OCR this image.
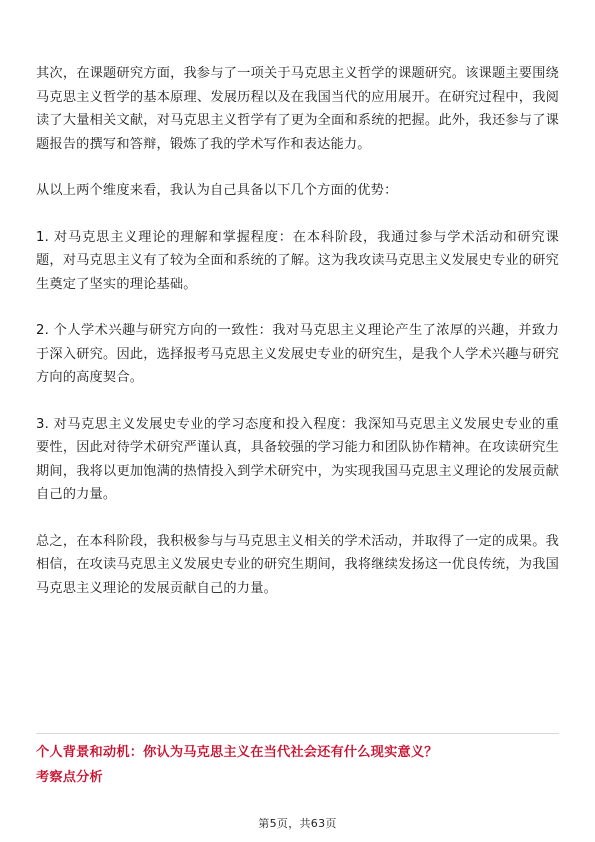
其次，在课题研究方面，我参与了一项关于马克思主义哲学的课题研究。该课题主要围绕马克思主义哲学的基本原理、发展历程以及在我国当代的应用展开。在研究过程中，我阅读了大量相关文献，对马克思主义哲学有了更为全面和系统的把握。此外，我还参与了课题报告的撰写和答辩，锻炼了我的学术写作和表达能力。

从以上两个维度来看，我认为自己具备以下几个方面的优势：

1. 对马克思主义理论的理解和掌握程度：在本科阶段，我通过参与学术活动和研究课题，对马克思主义有了较为全面和系统的了解。这为我攻读马克思主义发展史专业的研究生奠定了坚实的理论基础。

2. 个人学术兴趣与研究方向的一致性：我对马克思主义理论产生了浓厚的兴趣，并致力于深入研究。因此，选择报考马克思主义发展史专业的研究生，是我个人学术兴趣与研究方向的高度契合。

3. 对马克思主义发展史专业的学习态度和投入程度：我深知马克思主义发展史专业的重要性，因此对待学术研究严谨认真，具备较强的学习能力和团队协作精神。在攻读研究生期间，我将以更加饱满的热情投入到学术研究中，为实现我国马克思主义理论的发展贡献自己的力量。

总之，在本科阶段，我积极参与与马克思主义相关的学术活动，并取得了一定的成果。我相信，在攻读马克思主义发展史专业的研究生期间，我将继续发扬这一优良传统，为我国马克思主义理论的发展贡献自己的力量。

个人背景和动机：你认为马克思主义在当代社会还有什么现实意义？

考察点分析

第5页，共63页
